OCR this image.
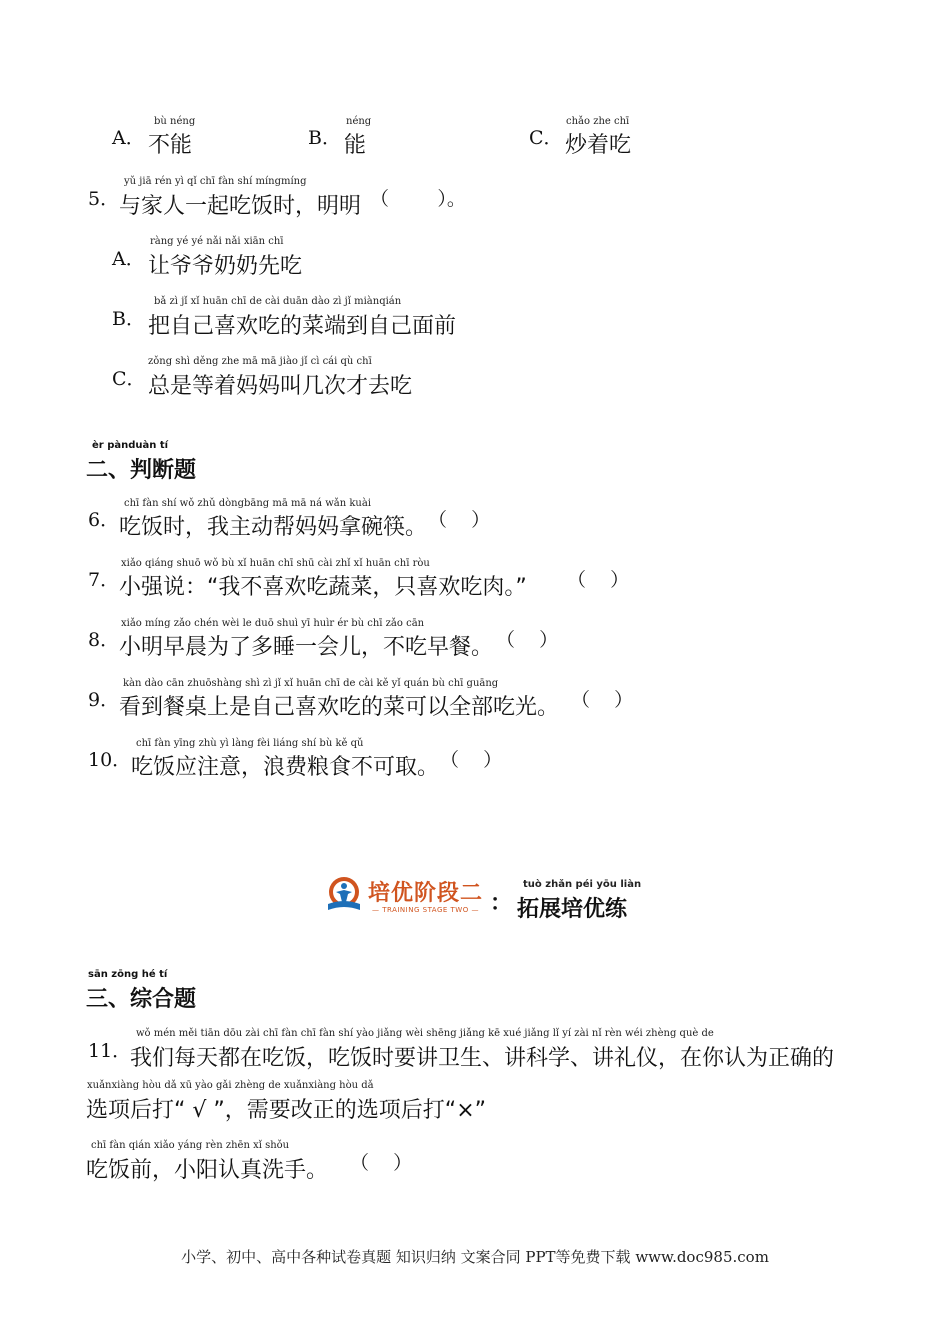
A．
bù néng
不能	B．
néng
能	C．
chǎo zhe chī
炒着吃
5．
yǔ jiā rén yì qǐ chī fàn shí míngmíng
与家人一起吃饭时，明明 （        ）。
A．
ràng yé yé nǎi nǎi xiān chī
让爷爷奶奶先吃
B．
bǎ zì jǐ xǐ huān chī de cài duān dào zì jǐ miànqián
把自己喜欢吃的菜端到自己面前
C．
zǒng shì děng zhe mā mā jiào jǐ cì cái qù chī
总是等着妈妈叫几次才去吃
èr pànduàn tí
二、判断题
6．
chī fàn shí wǒ zhǔ dòngbāng mā mā ná wǎn kuài
吃饭时，我主动帮妈妈拿碗筷。 （    ）
7．
xiǎo qiáng shuō wǒ bù xǐ huān chī shū cài zhǐ xǐ huān chī ròu
小强说：“我不喜欢吃蔬菜，只喜欢吃肉。” （    ）
8．
xiǎo míng zǎo chén wèi le duō shuì yī huìr ér bù chī zǎo cān
小明早晨为了多睡一会儿，不吃早餐。 （    ）
9．
kàn dào cān zhuōshàng shì zì jǐ xǐ huān chī de cài kě yǐ quán bù chī guāng
看到餐桌上是自己喜欢吃的菜可以全部吃光。 （    ）
10．
chī fàn yīng zhù yì làng fèi liáng shí bù kě qǔ
吃饭应注意，浪费粮食不可取。 （    ）
培优阶段二
— TRAINING STAGE TWO — ：
tuò zhǎn péi yōu liàn
拓展培优练
sān zōng hé tí
三、综合题
11．
wǒ mén měi tiān dōu zài chī fàn chī fàn shí yào jiǎng wèi shēng jiǎng kē xué jiǎng lǐ yí zài nǐ rèn wéi zhèng què de
我们每天都在吃饭，吃饭时要讲卫生、讲科学、讲礼仪，在你认为正确的
xuǎnxiàng hòu dǎ xū yào gǎi zhèng de xuǎnxiàng hòu dǎ
选项后打“ √ ”，需要改正的选项后打“×”
chī fàn qián xiǎo yáng rèn zhēn xǐ shǒu
吃饭前，小阳认真洗手。 （    ）
小学、初中、高中各种试卷真题 知识归纳 文案合同 PPT等免费下载 www.doc985.com
